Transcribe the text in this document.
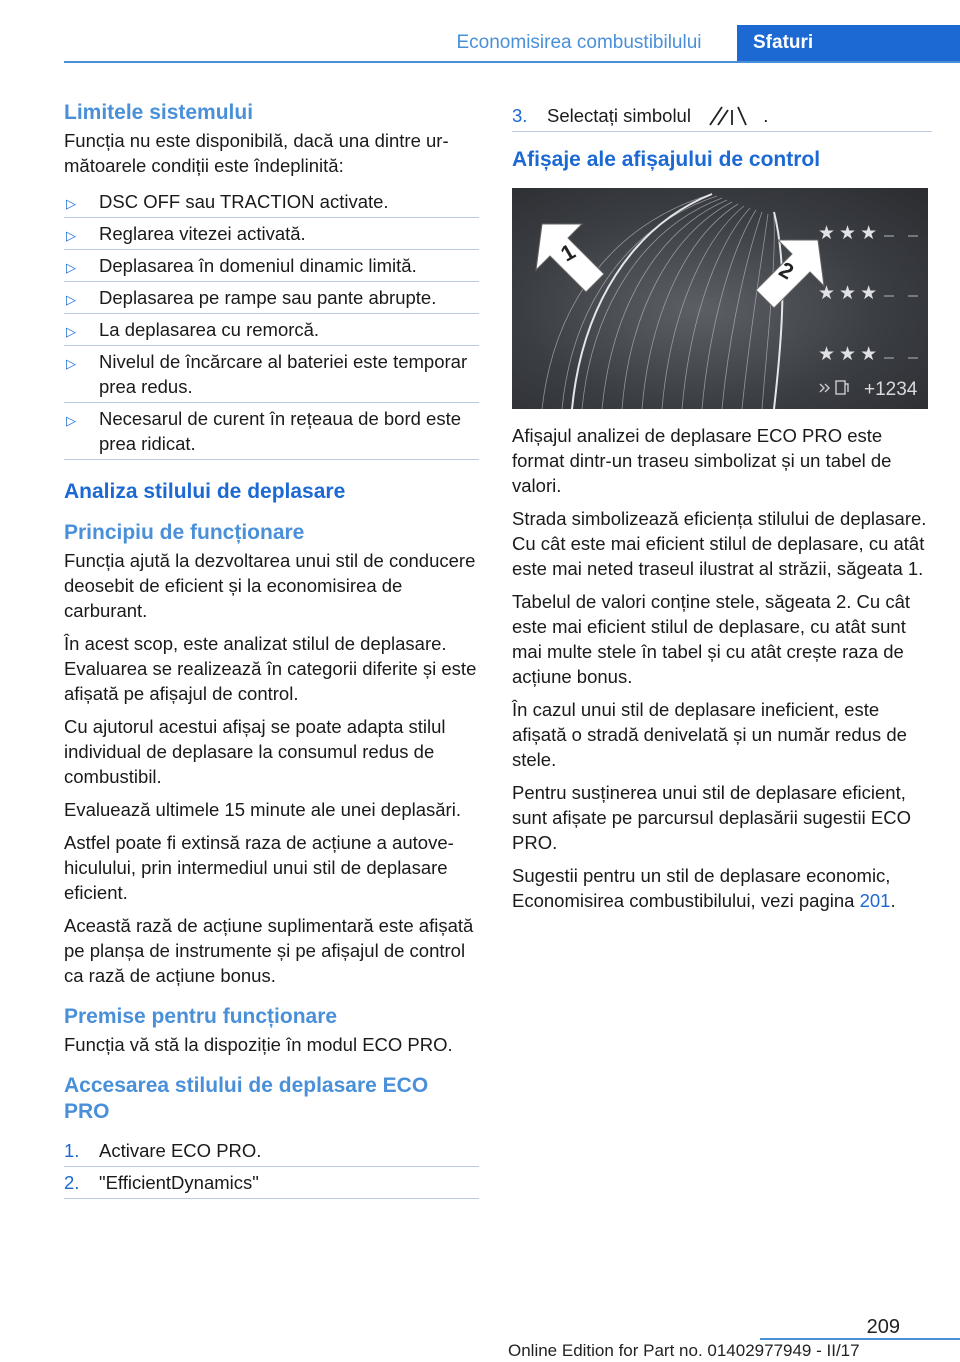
Economisirea combustibilului	Sfaturi
Limitele sistemului

Funcția nu este disponibilă, dacă una dintre următoarele condiții este îndeplinită:

▷ DSC OFF sau TRACTION activate.
▷ Reglarea vitezei activată.
▷ Deplasarea în domeniul dinamic limită.
▷ Deplasarea pe rampe sau pante abrupte.
▷ La deplasarea cu remorcă.
▷ Nivelul de încărcare al bateriei este temporar prea redus.
▷ Necesarul de curent în rețeaua de bord este prea ridicat.
Analiza stilului de deplasare
Principiu de funcționare

Funcția ajută la dezvoltarea unui stil de conducere deosebit de eficient și la economisirea de carburant.

În acest scop, este analizat stilul de deplasare. Evaluarea se realizează în categorii diferite și este afișată pe afișajul de control.

Cu ajutorul acestui afișaj se poate adapta stilul individual de deplasare la consumul redus de combustibil.

Evaluează ultimele 15 minute ale unei deplasări.

Astfel poate fi extinsă raza de acțiune a autovehiculului, prin intermediul unui stil de deplasare eficient.

Această rază de acțiune suplimentară este afișată pe planșa de instrumente și pe afișajul de control ca rază de acțiune bonus.

Premise pentru funcționare

Funcția vă stă la dispoziție în modul ECO PRO.

Accesarea stilului de deplasare ECO PRO
1. Activare ECO PRO.
2. "EfficientDynamics"
3. Selectați simbolul	.
Afișaje ale afișajului de control
1
2
★★★
★★★
★★★
+1234

Afișajul analizei de deplasare ECO PRO este format dintr-un traseu simbolizat și un tabel de valori.

Strada simbolizează eficiența stilului de deplasare. Cu cât este mai eficient stilul de deplasare, cu atât este mai neted traseul ilustrat al străzii, săgeata 1.

Tabelul de valori conține stele, săgeata 2. Cu cât este mai eficient stilul de deplasare, cu atât sunt mai multe stele în tabel și cu atât crește raza de acțiune bonus.

În cazul unui stil de deplasare ineficient, este afișată o stradă denivelată și un număr redus de stele.

Pentru susținerea unui stil de deplasare eficient, sunt afișate pe parcursul deplasării sugestii ECO PRO.

Sugestii pentru un stil de deplasare economic, Economisirea combustibilului, vezi pagina 201.

209
Online Edition for Part no. 01402977949 - II/17
